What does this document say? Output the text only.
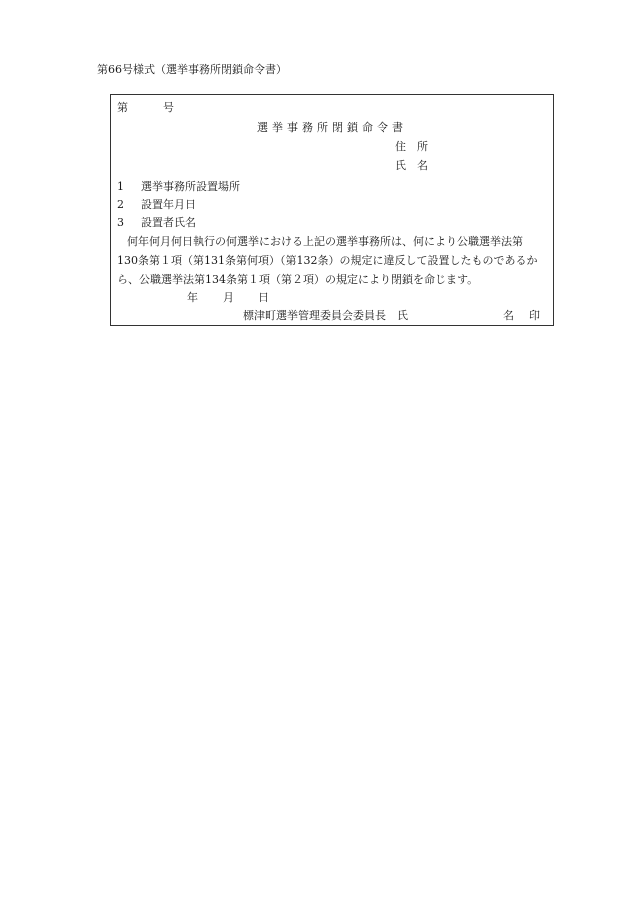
第66号様式（選挙事務所閉鎖命令書）
第	号
選挙事務所閉鎖命令書
住　所
氏　名
1 選挙事務所設置場所
2 設置年月日
3 設置者氏名
何年何月何日執行の何選挙における上記の選挙事務所は、何により公職選挙法第
130条第１項（第131条第何項）（第132条）の規定に違反して設置したものであるか
ら、公職選挙法第134条第１項（第２項）の規定により閉鎖を命じます。
年 月 日
標津町選挙管理委員会委員長　氏	名 印
